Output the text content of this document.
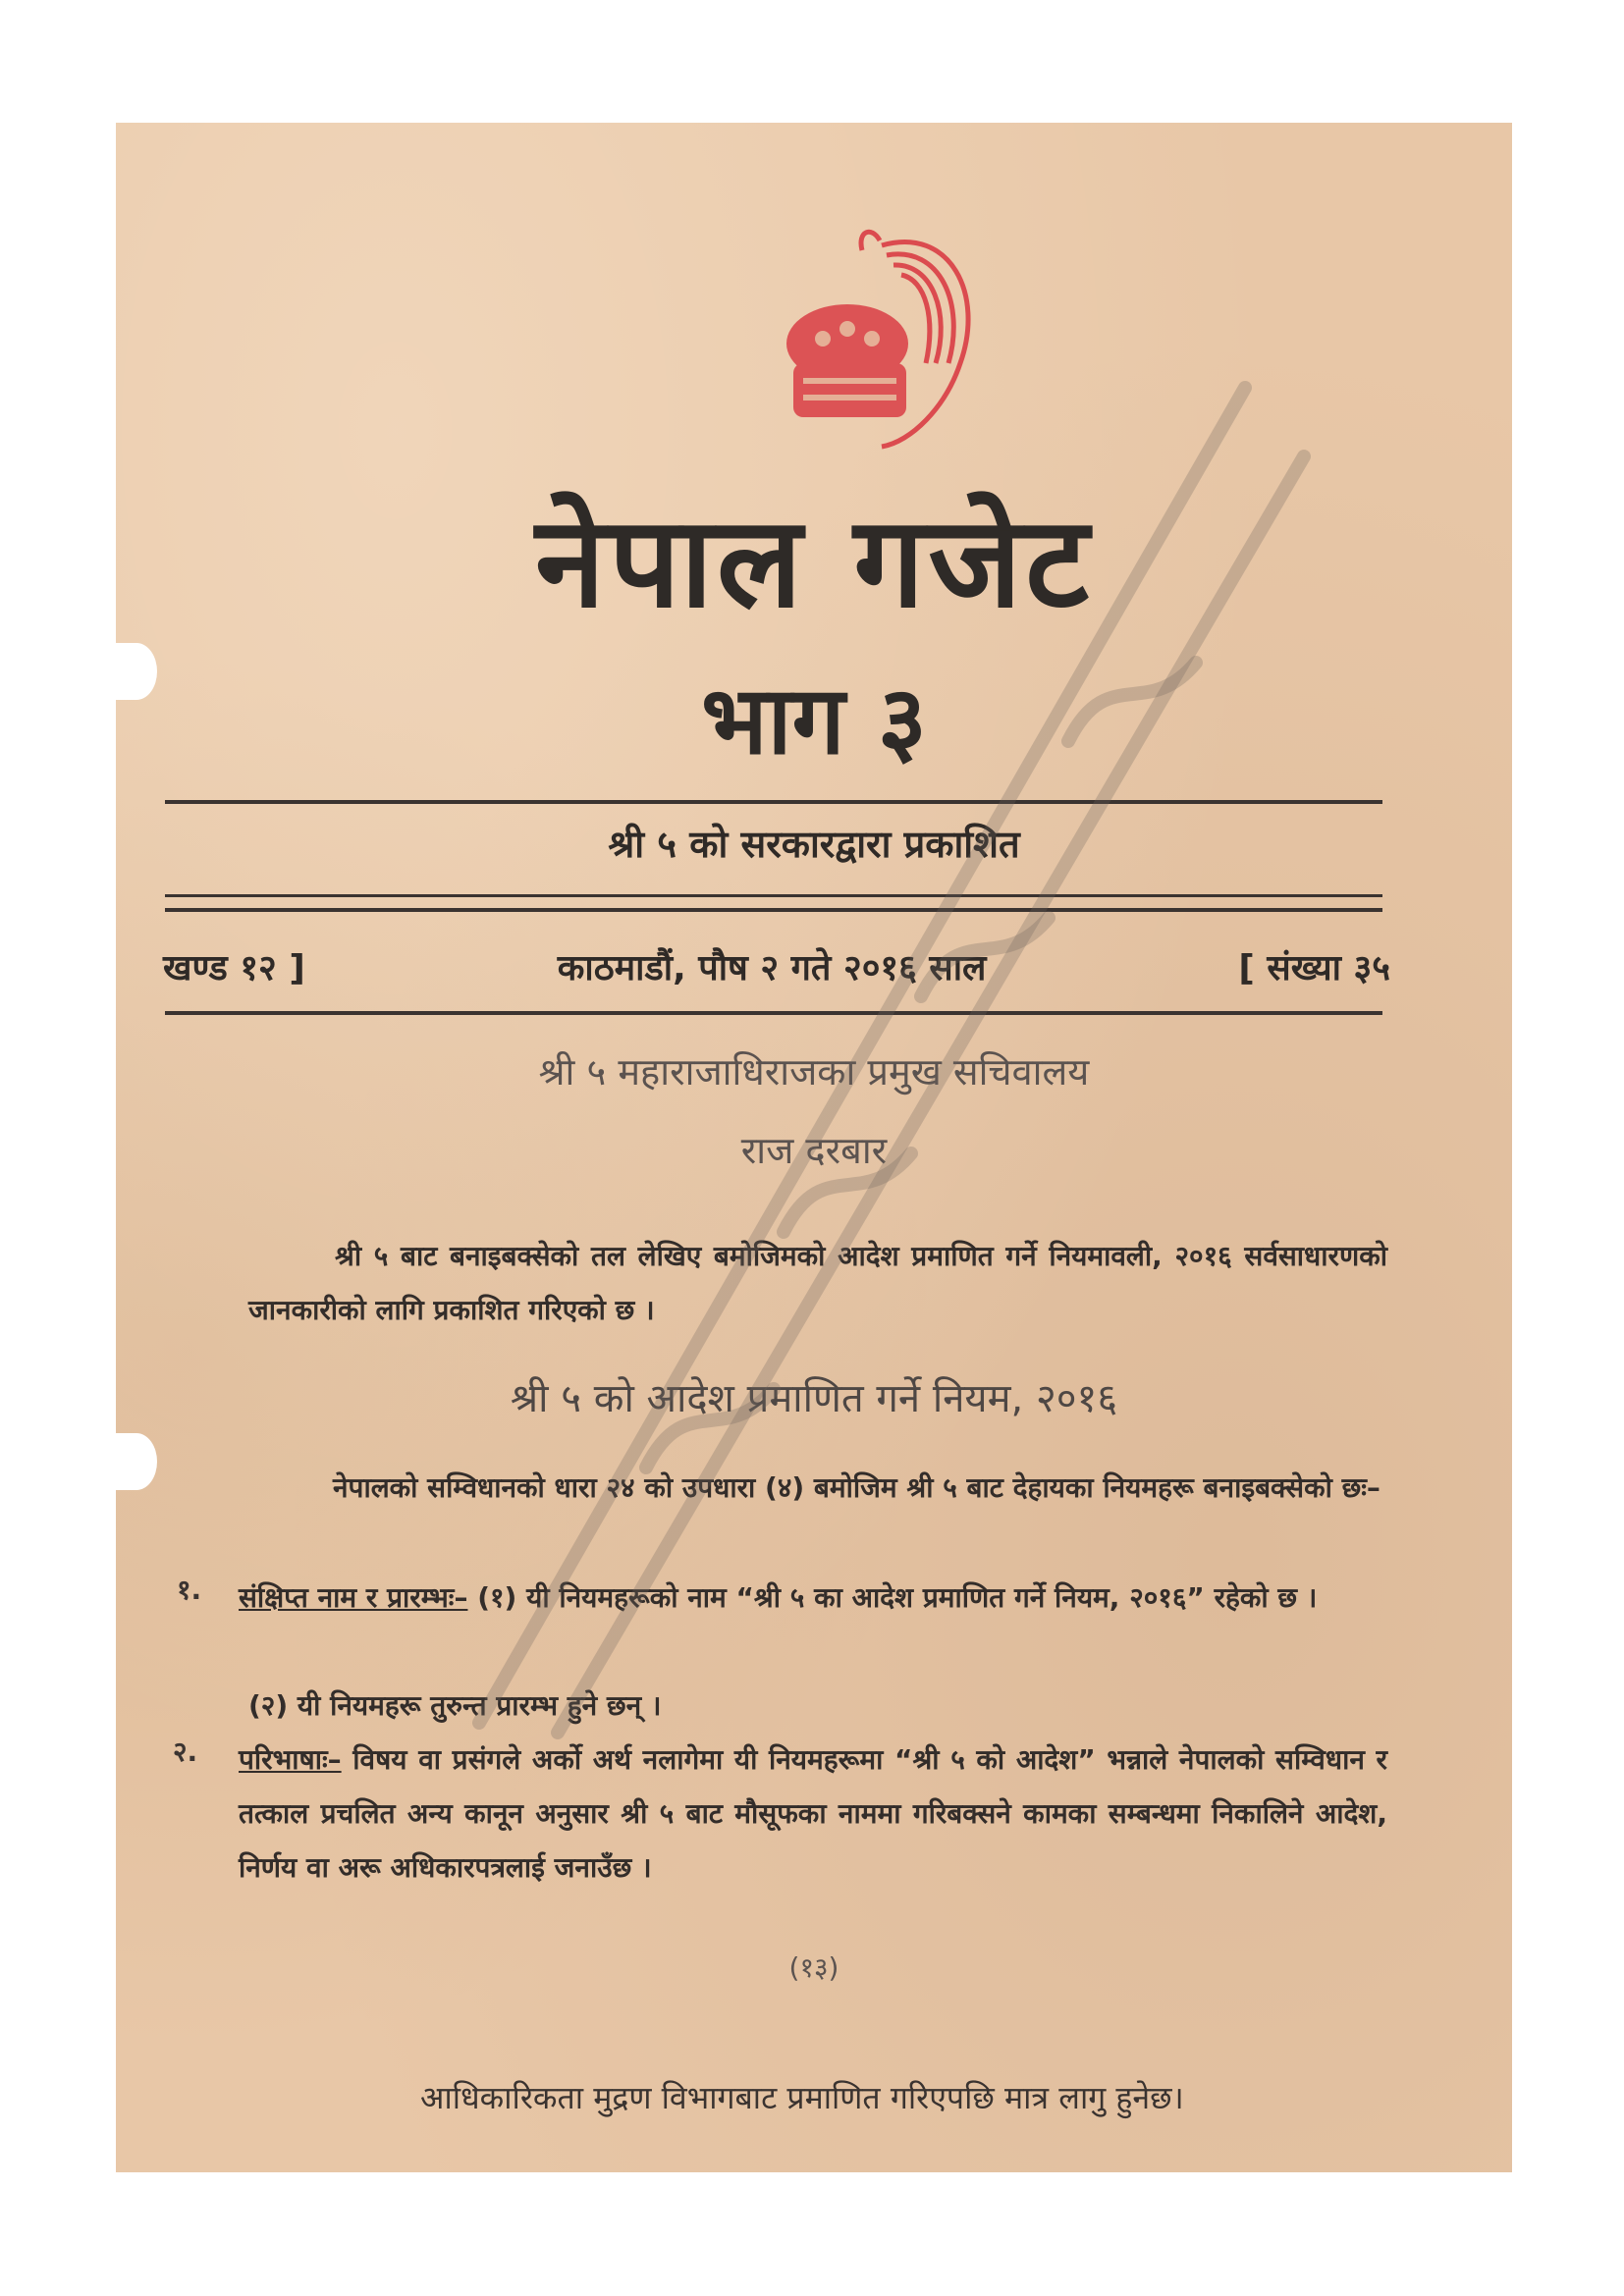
नेपाल गजेट
भाग ३
श्री ५ को सरकारद्वारा प्रकाशित
खण्ड १२ ]	काठमाडौं, पौष २ गते २०१६ साल	[ संख्या ३५
श्री ५ महाराजाधिराजका प्रमुख सचिवालय
राज दरबार
श्री ५ बाट बनाइबक्सेको तल लेखिए बमोजिमको आदेश प्रमाणित गर्ने नियमावली, २०१६ सर्वसाधारणको जानकारीको लागि प्रकाशित गरिएको छ ।
श्री ५ को आदेश प्रमाणित गर्ने नियम, २०१६
नेपालको सम्विधानको धारा २४ को उपधारा (४) बमोजिम श्री ५ बाट देहायका नियमहरू बनाइबक्सेको छः–
१. संक्षिप्त नाम र प्रारम्भः– (१) यी नियमहरूको नाम “श्री ५ का आदेश प्रमाणित गर्ने नियम, २०१६” रहेको छ ।
(२) यी नियमहरू तुरुन्त प्रारम्भ हुने छन् ।
२. परिभाषाः– विषय वा प्रसंगले अर्को अर्थ नलागेमा यी नियमहरूमा “श्री ५ को आदेश” भन्नाले नेपालको सम्विधान र तत्काल प्रचलित अन्य कानून अनुसार श्री ५ बाट मौसूफका नाममा गरिबक्सने कामका सम्बन्धमा निकालिने आदेश, निर्णय वा अरू अधिकारपत्रलाई जनाउँछ ।
(१३)
आधिकारिकता मुद्रण विभागबाट प्रमाणित गरिएपछि मात्र लागु हुनेछ।
